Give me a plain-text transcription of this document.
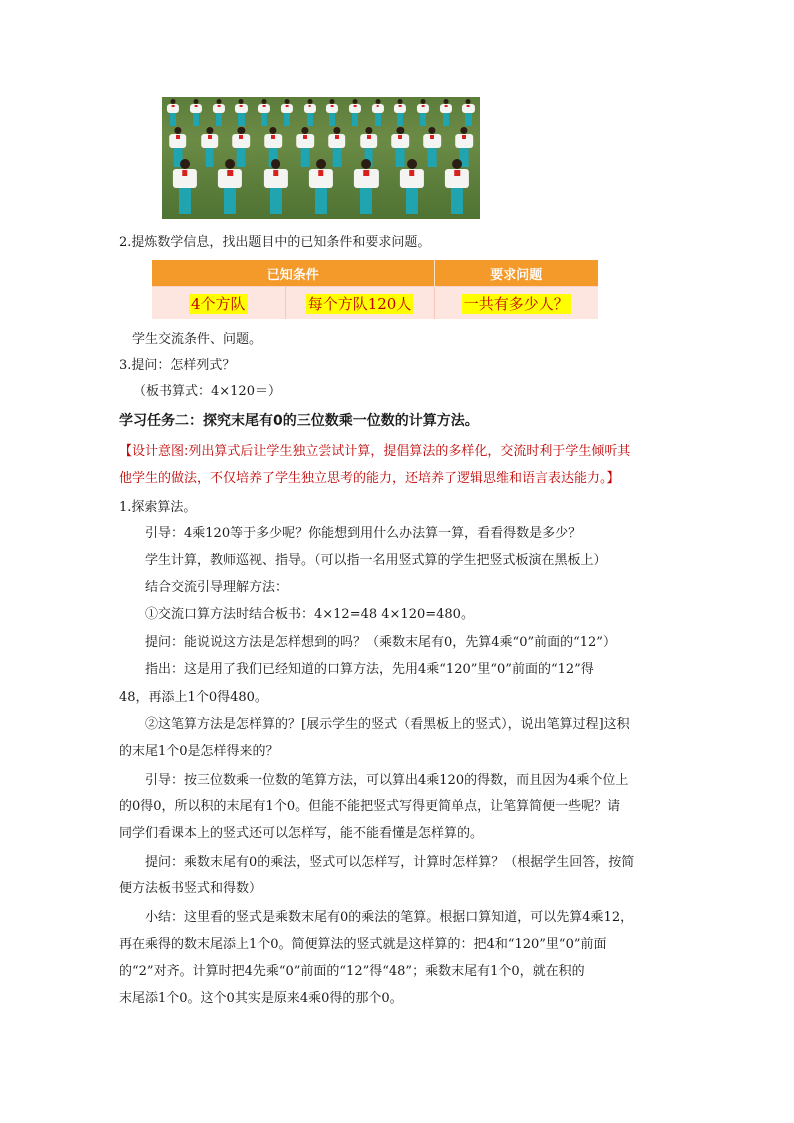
2.提炼数学信息，找出题目中的已知条件和要求问题。
已知条件		要求问题
4个方队	每个方队120人	一共有多少人？
学生交流条件、问题。
3.提问：怎样列式？
（板书算式：4×120＝）
学习任务二：探究末尾有0的三位数乘一位数的计算方法。
【设计意图:列出算式后让学生独立尝试计算，提倡算法的多样化，交流时利于学生倾听其
他学生的做法，不仅培养了学生独立思考的能力，还培养了逻辑思维和语言表达能力。】
1.探索算法。
引导：4乘120等于多少呢？你能想到用什么办法算一算，看看得数是多少？
学生计算，教师巡视、指导。（可以指一名用竖式算的学生把竖式板演在黑板上）
结合交流引导理解方法：
①交流口算方法时结合板书：4×12=48 4×120=480。
提问：能说说这方法是怎样想到的吗？（乘数末尾有0，先算4乘“0”前面的“12”）
指出：这是用了我们已经知道的口算方法，先用4乘“120”里“0”前面的“12”得
48，再添上1个0得480。
②这笔算方法是怎样算的？[展示学生的竖式（看黑板上的竖式），说出笔算过程]这积
的末尾1个0是怎样得来的？
引导：按三位数乘一位数的笔算方法，可以算出4乘120的得数，而且因为4乘个位上
的0得0，所以积的末尾有1个0。但能不能把竖式写得更简单点，让笔算简便一些呢？请
同学们看课本上的竖式还可以怎样写，能不能看懂是怎样算的。
提问：乘数末尾有0的乘法，竖式可以怎样写，计算时怎样算？（根据学生回答，按简
便方法板书竖式和得数）
小结：这里看的竖式是乘数末尾有0的乘法的笔算。根据口算知道，可以先算4乘12，
再在乘得的数末尾添上1个0。简便算法的竖式就是这样算的：把4和“120”里“0”前面
的“2”对齐。计算时把4先乘“0”前面的“12”得“48”；乘数末尾有1个0，就在积的
末尾添1个0。这个0其实是原来4乘0得的那个0。
